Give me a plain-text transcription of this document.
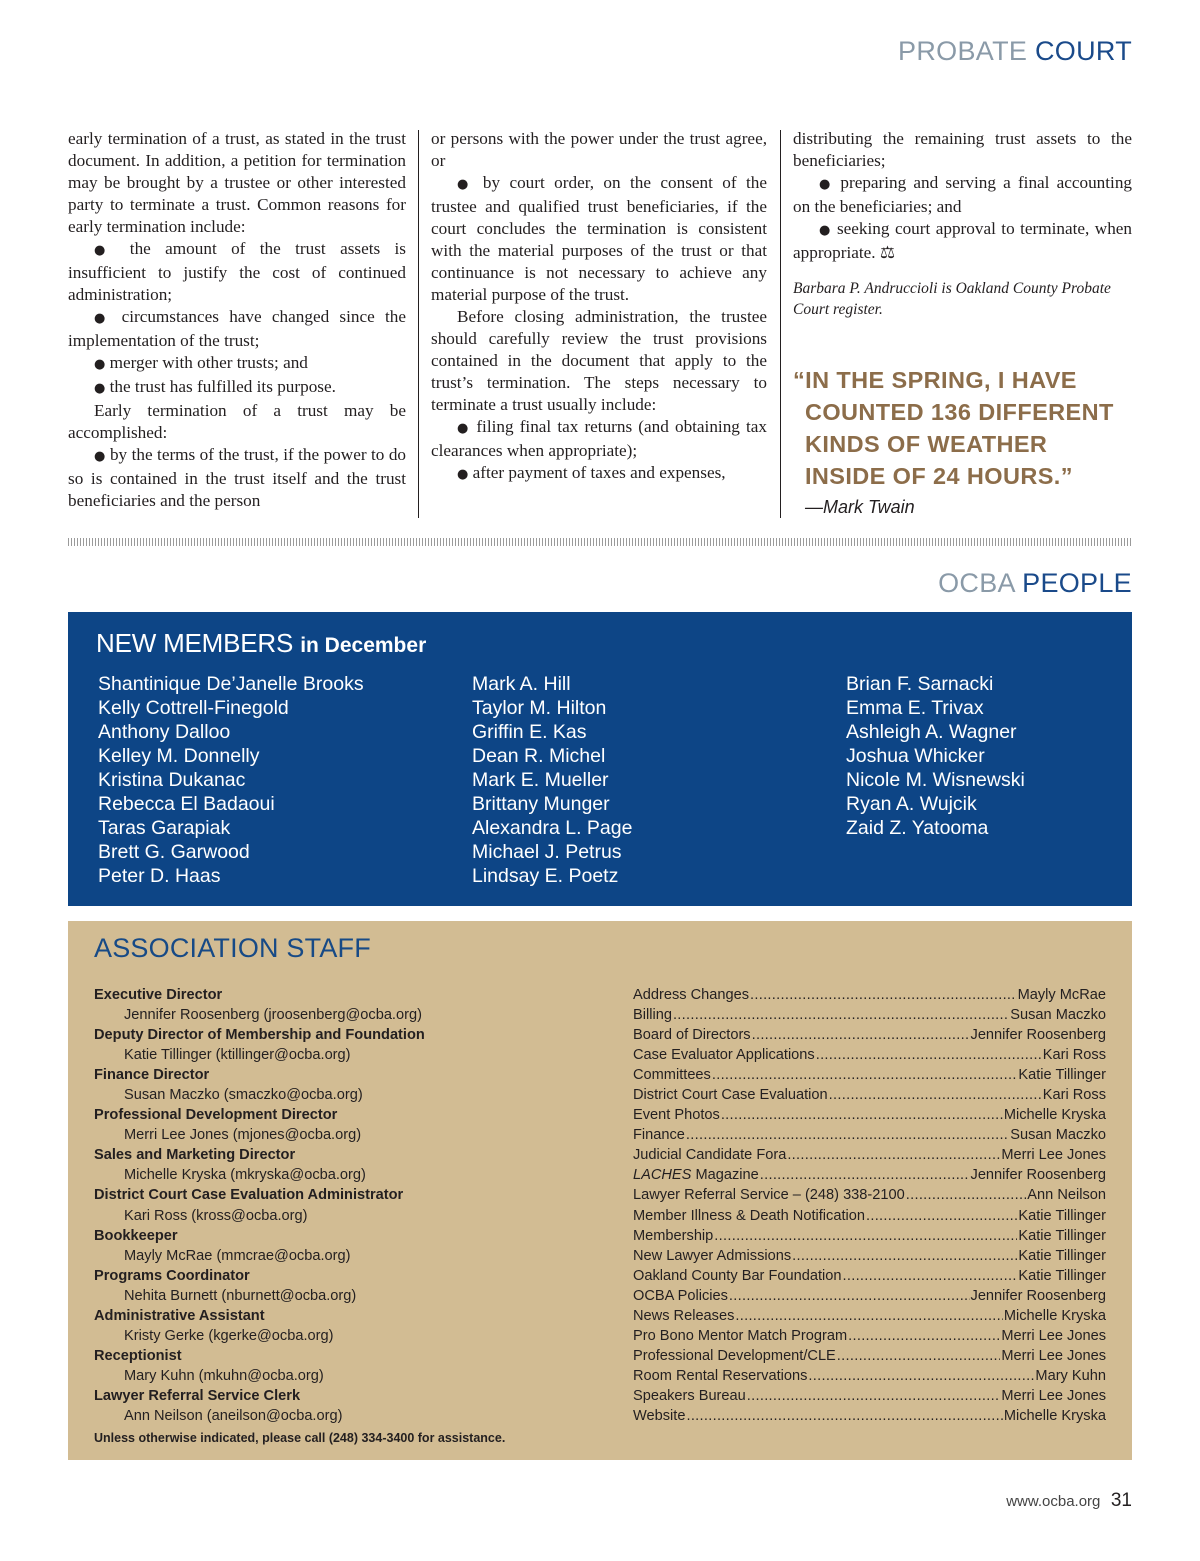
PROBATE COURT

early termination of a trust, as stated in the trust document. In addition, a petition for termination may be brought by a trustee or other interested party to terminate a trust. Common reasons for early termination include:

● the amount of the trust assets is insufficient to justify the cost of continued administration;

● circumstances have changed since the implementation of the trust;

● merger with other trusts; and

● the trust has fulfilled its purpose.

Early termination of a trust may be accomplished:

● by the terms of the trust, if the power to do so is contained in the trust itself and the trust beneficiaries and the person

or persons with the power under the trust agree, or

● by court order, on the consent of the trustee and qualified trust beneficiaries, if the court concludes the termination is consistent with the material purposes of the trust or that continuance is not necessary to achieve any material purpose of the trust.

Before closing administration, the trustee should carefully review the trust provisions contained in the document that apply to the trust’s termination. The steps necessary to terminate a trust usually include:

● filing final tax returns (and obtaining tax clearances when appropriate);

● after payment of taxes and expenses,

distributing the remaining trust assets to the beneficiaries;

● preparing and serving a final accounting on the beneficiaries; and

● seeking court approval to terminate, when appropriate. ⚖

Barbara P. Andruccioli is Oakland County Probate Court register.

“IN THE SPRING, I HAVE COUNTED 136 DIFFERENT KINDS OF WEATHER INSIDE OF 24 HOURS.”

—Mark Twain

OCBA PEOPLE
NEW MEMBERS in December
Shantinique De’Janelle Brooks
Kelly Cottrell-Finegold
Anthony Dalloo
Kelley M. Donnelly
Kristina Dukanac
Rebecca El Badaoui
Taras Garapiak
Brett G. Garwood
Peter D. Haas
Mark A. Hill
Taylor M. Hilton
Griffin E. Kas
Dean R. Michel
Mark E. Mueller
Brittany Munger
Alexandra L. Page
Michael J. Petrus
Lindsay E. Poetz
Brian F. Sarnacki
Emma E. Trivax
Ashleigh A. Wagner
Joshua Whicker
Nicole M. Wisnewski
Ryan A. Wujcik
Zaid Z. Yatooma
ASSOCIATION STAFF
Executive Director
Jennifer Roosenberg (jroosenberg@ocba.org)
Deputy Director of Membership and Foundation
Katie Tillinger (ktillinger@ocba.org)
Finance Director
Susan Maczko (smaczko@ocba.org)
Professional Development Director
Merri Lee Jones (mjones@ocba.org)
Sales and Marketing Director
Michelle Kryska (mkryska@ocba.org)
District Court Case Evaluation Administrator
Kari Ross (kross@ocba.org)
Bookkeeper
Mayly McRae (mmcrae@ocba.org)
Programs Coordinator
Nehita Burnett (nburnett@ocba.org)
Administrative Assistant
Kristy Gerke (kgerke@ocba.org)
Receptionist
Mary Kuhn (mkuhn@ocba.org)
Lawyer Referral Service Clerk
Ann Neilson (aneilson@ocba.org)
Unless otherwise indicated, please call (248) 334-3400 for assistance.
Address Changes .....	Mayly McRae
Billing .....	Susan Maczko
Board of Directors .....	Jennifer Roosenberg
Case Evaluator Applications .....	Kari Ross
Committees .....	Katie Tillinger
District Court Case Evaluation .....	Kari Ross
Event Photos .....	Michelle Kryska
Finance .....	Susan Maczko
Judicial Candidate Fora .....	Merri Lee Jones
LACHES Magazine .....	Jennifer Roosenberg
Lawyer Referral Service – (248) 338-2100 .....	Ann Neilson
Member Illness & Death Notification .....	Katie Tillinger
Membership .....	Katie Tillinger
New Lawyer Admissions .....	Katie Tillinger
Oakland County Bar Foundation .....	Katie Tillinger
OCBA Policies .....	Jennifer Roosenberg
News Releases .....	Michelle Kryska
Pro Bono Mentor Match Program .....	Merri Lee Jones
Professional Development/CLE .....	Merri Lee Jones
Room Rental Reservations .....	Mary Kuhn
Speakers Bureau .....	Merri Lee Jones
Website .....	Michelle Kryska
www.ocba.org 31
